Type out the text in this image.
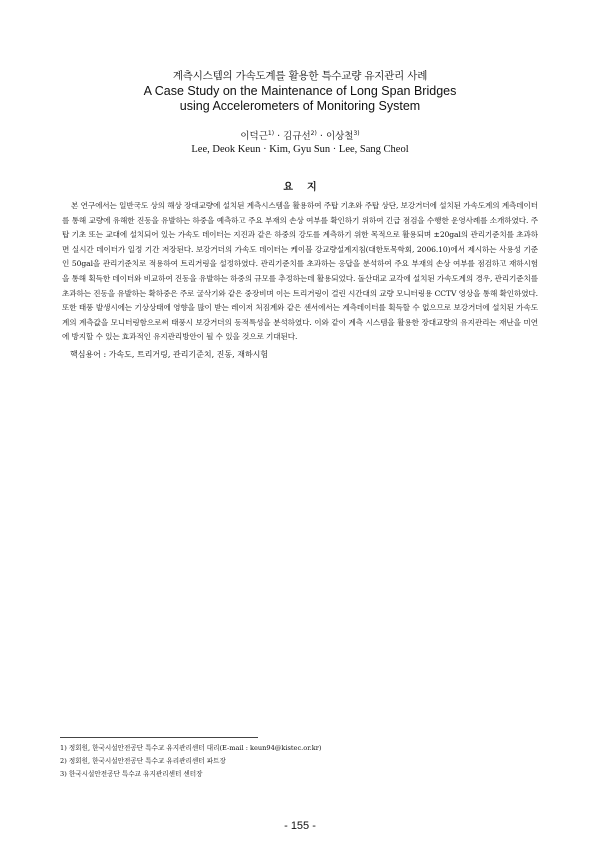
계측시스템의 가속도계를 활용한 특수교량 유지관리 사례
A Case Study on the Maintenance of Long Span Bridges
using Accelerometers of Monitoring System
이덕근$^{1)}$ · 김규선$^{2)}$ · 이상철$^{3)}$
Lee, Deok Keun · Kim, Gyu Sun · Lee, Sang Cheol
요지
본 연구에서는 일반국도 상의 해상 장대교량에 설치된 계측시스템을 활용하여 주탑 기초와 주탑 상단, 보강거더에 설치된 가속도계의 계측데이터를 통해 교량에 유해한 진동을 유발하는 하중을 예측하고 주요 부재의 손상 여부를 확인하기 위하여 긴급 점검을 수행한 운영사례를 소개하였다. 주탑 기초 또는 교대에 설치되어 있는 가속도 데이터는 지진과 같은 하중의 강도를 계측하기 위한 목적으로 활용되며 ±20gal의 관리기준치를 초과하면 실시간 데이터가 일정 기간 저장된다. 보강거더의 가속도 데이터는 케이블 강교량설계지침(대한토목학회, 2006.10)에서 제시하는 사용성 기준인 50gal을 관리기준치로 적용하여 트리거링을 설정하였다. 관리기준치를 초과하는 응답을 분석하여 주요 부재의 손상 여부를 점검하고 재하시험을 통해 획득한 데이터와 비교하여 진동을 유발하는 하중의 규모를 추정하는데 활용되었다. 돌산대교 교각에 설치된 가속도계의 경우, 관리기준치를 초과하는 진동을 유발하는 확하중은 주로 굴삭기와 같은 중장비며 이는 트리거링이 걸린 시간대의 교량 모니터링용 CCTV 영상을 통해 확인하였다. 또한 태풍 발생시에는 기상상태에 영향을 많이 받는 레이저 처짐계와 같은 센서에서는 계측데이터를 획득할 수 없으므로 보강거더에 설치된 가속도계의 계측값을 모니터링함으로써 태풍시 보강거더의 동적특성을 분석하였다. 이와 같이 계측 시스템을 활용한 장대교량의 유지관리는 재난을 미연에 방지할 수 있는 효과적인 유지관리방안이 될 수 있을 것으로 기대된다.
핵심용어 : 가속도, 트리거링, 관리기준치, 진동, 재하시험
1) 정회원, 한국시설안전공단 특수교 유지관리센터 대리(E-mail : keun94@kistec.or.kr)
2) 정회원, 한국시설안전공단 특수교 유리관리센터 파트장
3) 한국시설안전공단 특수교 유지관리센터 센터장
- 155 -
